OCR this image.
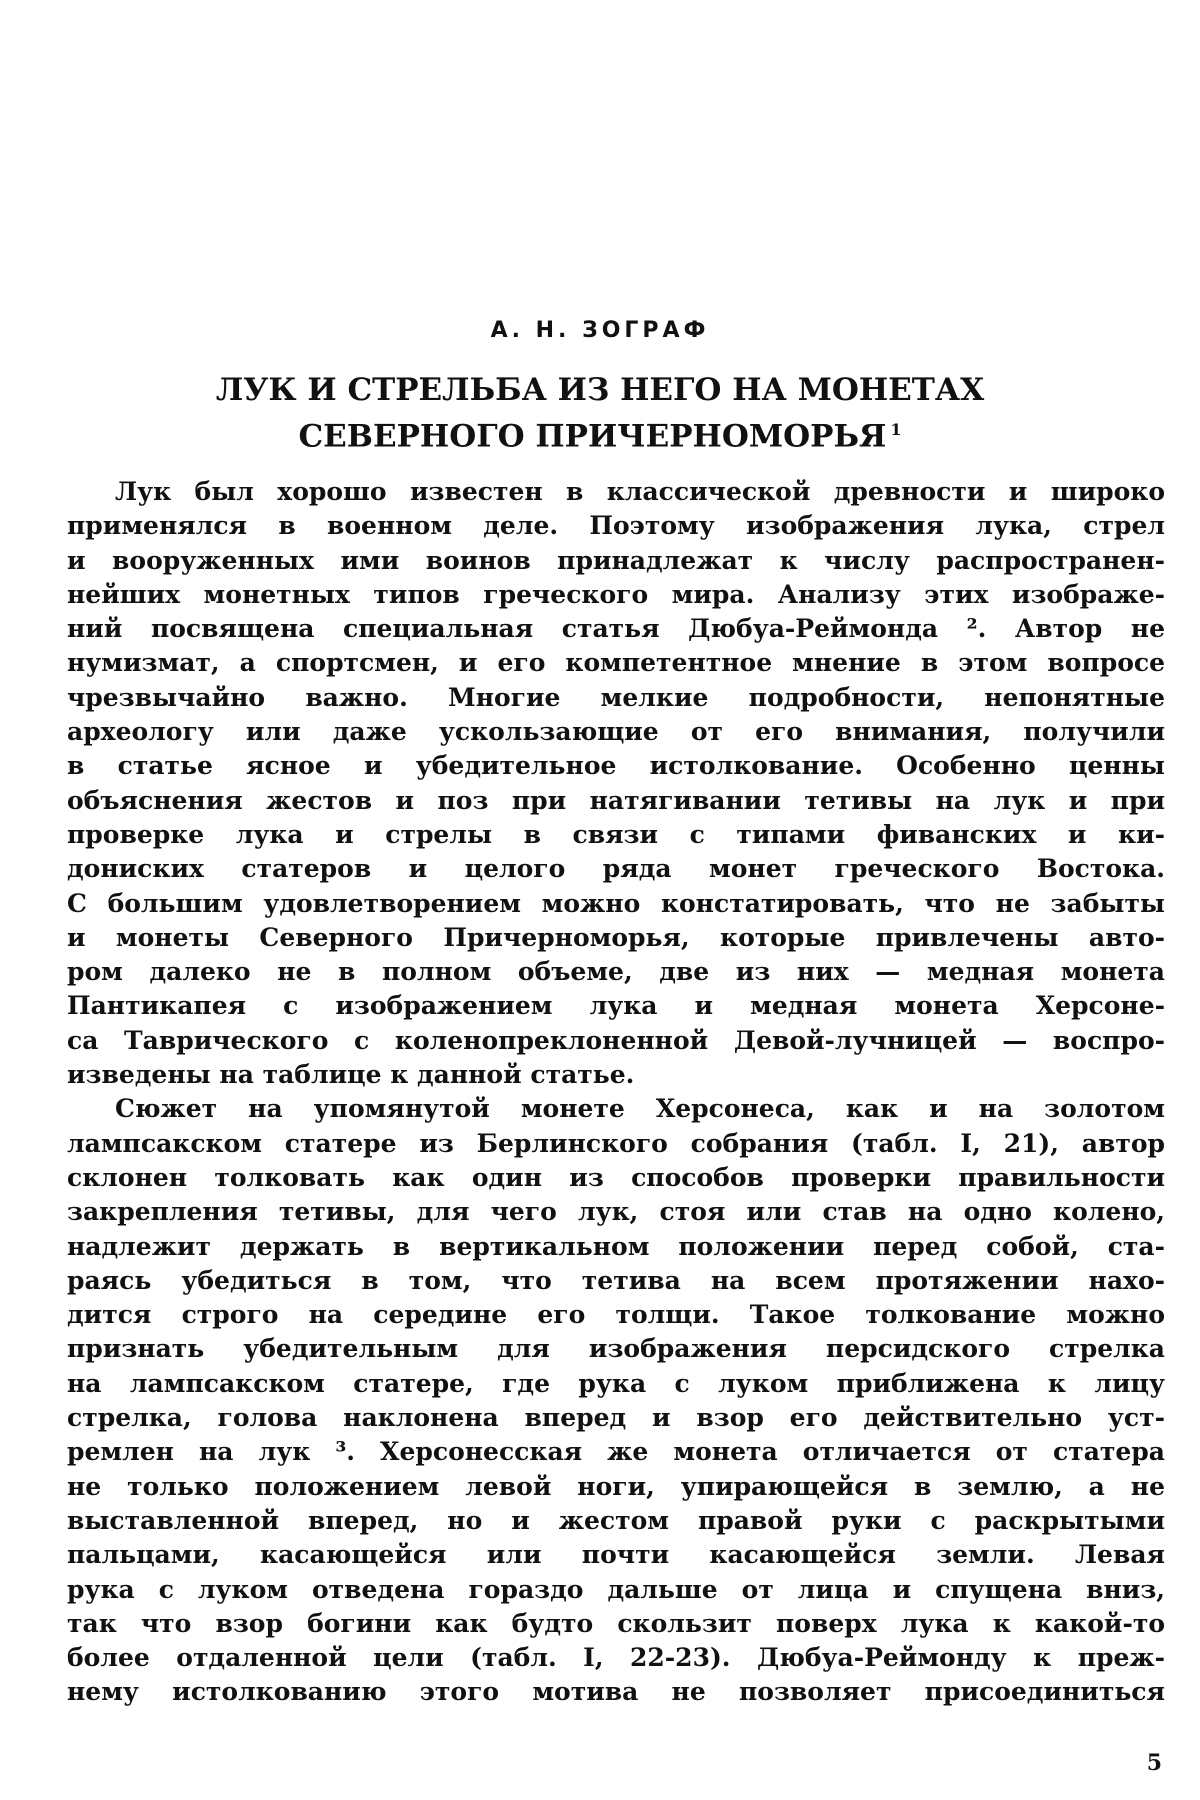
А. Н. ЗОГРАФ
ЛУК И СТРЕЛЬБА ИЗ НЕГО НА МОНЕТАХ
СЕВЕРНОГО ПРИЧЕРНОМОРЬЯ $^1$
Лук был хорошо известен в классической древности и широко
применялся в военном деле. Поэтому изображения лука, стрел
и вооруженных ими воинов принадлежат к числу распространен-
нейших монетных типов греческого мира. Анализу этих изображе-
ний посвящена специальная статья Дюбуа-Реймонда ². Автор не
нумизмат, а спортсмен, и его компетентное мнение в этом вопросе
чрезвычайно важно. Многие мелкие подробности, непонятные
археологу или даже ускользающие от его внимания, получили
в статье ясное и убедительное истолкование. Особенно ценны
объяснения жестов и поз при натягивании тетивы на лук и при
проверке лука и стрелы в связи с типами фиванских и ки-
дониских статеров и целого ряда монет греческого Востока.
С большим удовлетворением можно констатировать, что не забыты
и монеты Северного Причерноморья, которые привлечены авто-
ром далеко не в полном объеме, две из них — медная монета
Пантикапея с изображением лука и медная монета Херсоне-
са Таврического с коленопреклоненной Девой-лучницей — воспро-
изведены на таблице к данной статье.
Сюжет на упомянутой монете Херсонеса, как и на золотом
лампсакском статере из Берлинского собрания (табл. I, 21), автор
склонен толковать как один из способов проверки правильности
закрепления тетивы, для чего лук, стоя или став на одно колено,
надлежит держать в вертикальном положении перед собой, ста-
раясь убедиться в том, что тетива на всем протяжении нахо-
дится строго на середине его толщи. Такое толкование можно
признать убедительным для изображения персидского стрелка
на лампсакском статере, где рука с луком приближена к лицу
стрелка, голова наклонена вперед и взор его действительно уст-
ремлен на лук ³. Херсонесская же монета отличается от статера
не только положением левой ноги, упирающейся в землю, а не
выставленной вперед, но и жестом правой руки с раскрытыми
пальцами, касающейся или почти касающейся земли. Левая
рука с луком отведена гораздо дальше от лица и спущена вниз,
так что взор богини как будто скользит поверх лука к какой-то
более отдаленной цели (табл. I, 22-23). Дюбуа-Реймонду к преж-
нему истолкованию этого мотива не позволяет присоединиться
5
